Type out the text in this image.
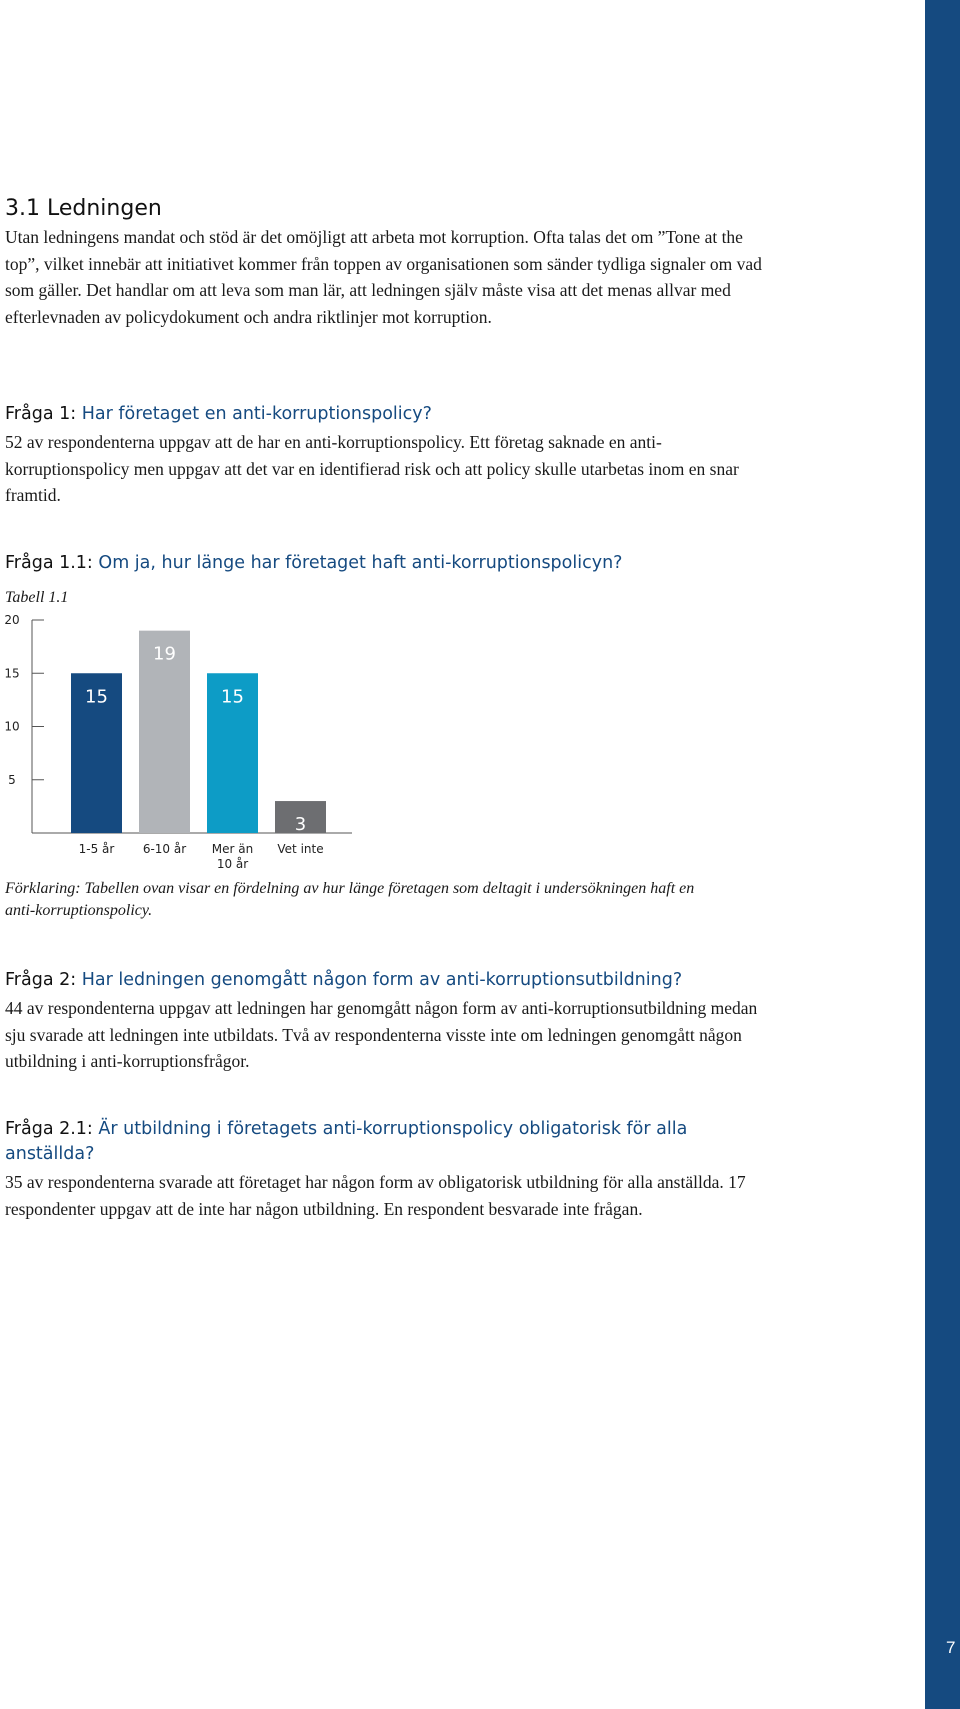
7
3.1 Ledningen

Utan ledningens mandat och stöd är det omöjligt att arbeta mot korruption. Ofta talas det om ”Tone at the top”, vilket innebär att initiativet kommer från toppen av organisationen som sänder tydliga signaler om vad som gäller. Det handlar om att leva som man lär, att ledningen själv måste visa att det menas allvar med efterlevnaden av policydokument och andra riktlinjer mot korruption.

Fråga 1: Har företaget en anti-korruptionspolicy?

52 av respondenterna uppgav att de har en anti-korruptionspolicy. Ett företag saknade en anti-korruptionspolicy men uppgav att det var en identifierad risk och att policy skulle utarbetas inom en snar framtid.

Fråga 1.1: Om ja, hur länge har företaget haft anti-korruptionspolicyn?

Tabell 1.1

20
15
10
5
15
1-5 år
19
6-10 år
15
Mer än 10 år
3
Vet inte

Förklaring: Tabellen ovan visar en fördelning av hur länge företagen som deltagit i undersökningen haft en anti-korruptionspolicy.

Fråga 2: Har ledningen genomgått någon form av anti-korruptionsutbildning?

44 av respondenterna uppgav att ledningen har genomgått någon form av anti-korruptionsutbildning medan sju svarade att ledningen inte utbildats. Två av respondenterna visste inte om ledningen genomgått någon utbildning i anti-korruptionsfrågor.

Fråga 2.1: Är utbildning i företagets anti-korruptionspolicy obligatorisk för alla anställda?

35 av respondenterna svarade att företaget har någon form av obligatorisk utbildning för alla anställda. 17 respondenter uppgav att de inte har någon utbildning. En respondent besvarade inte frågan.
